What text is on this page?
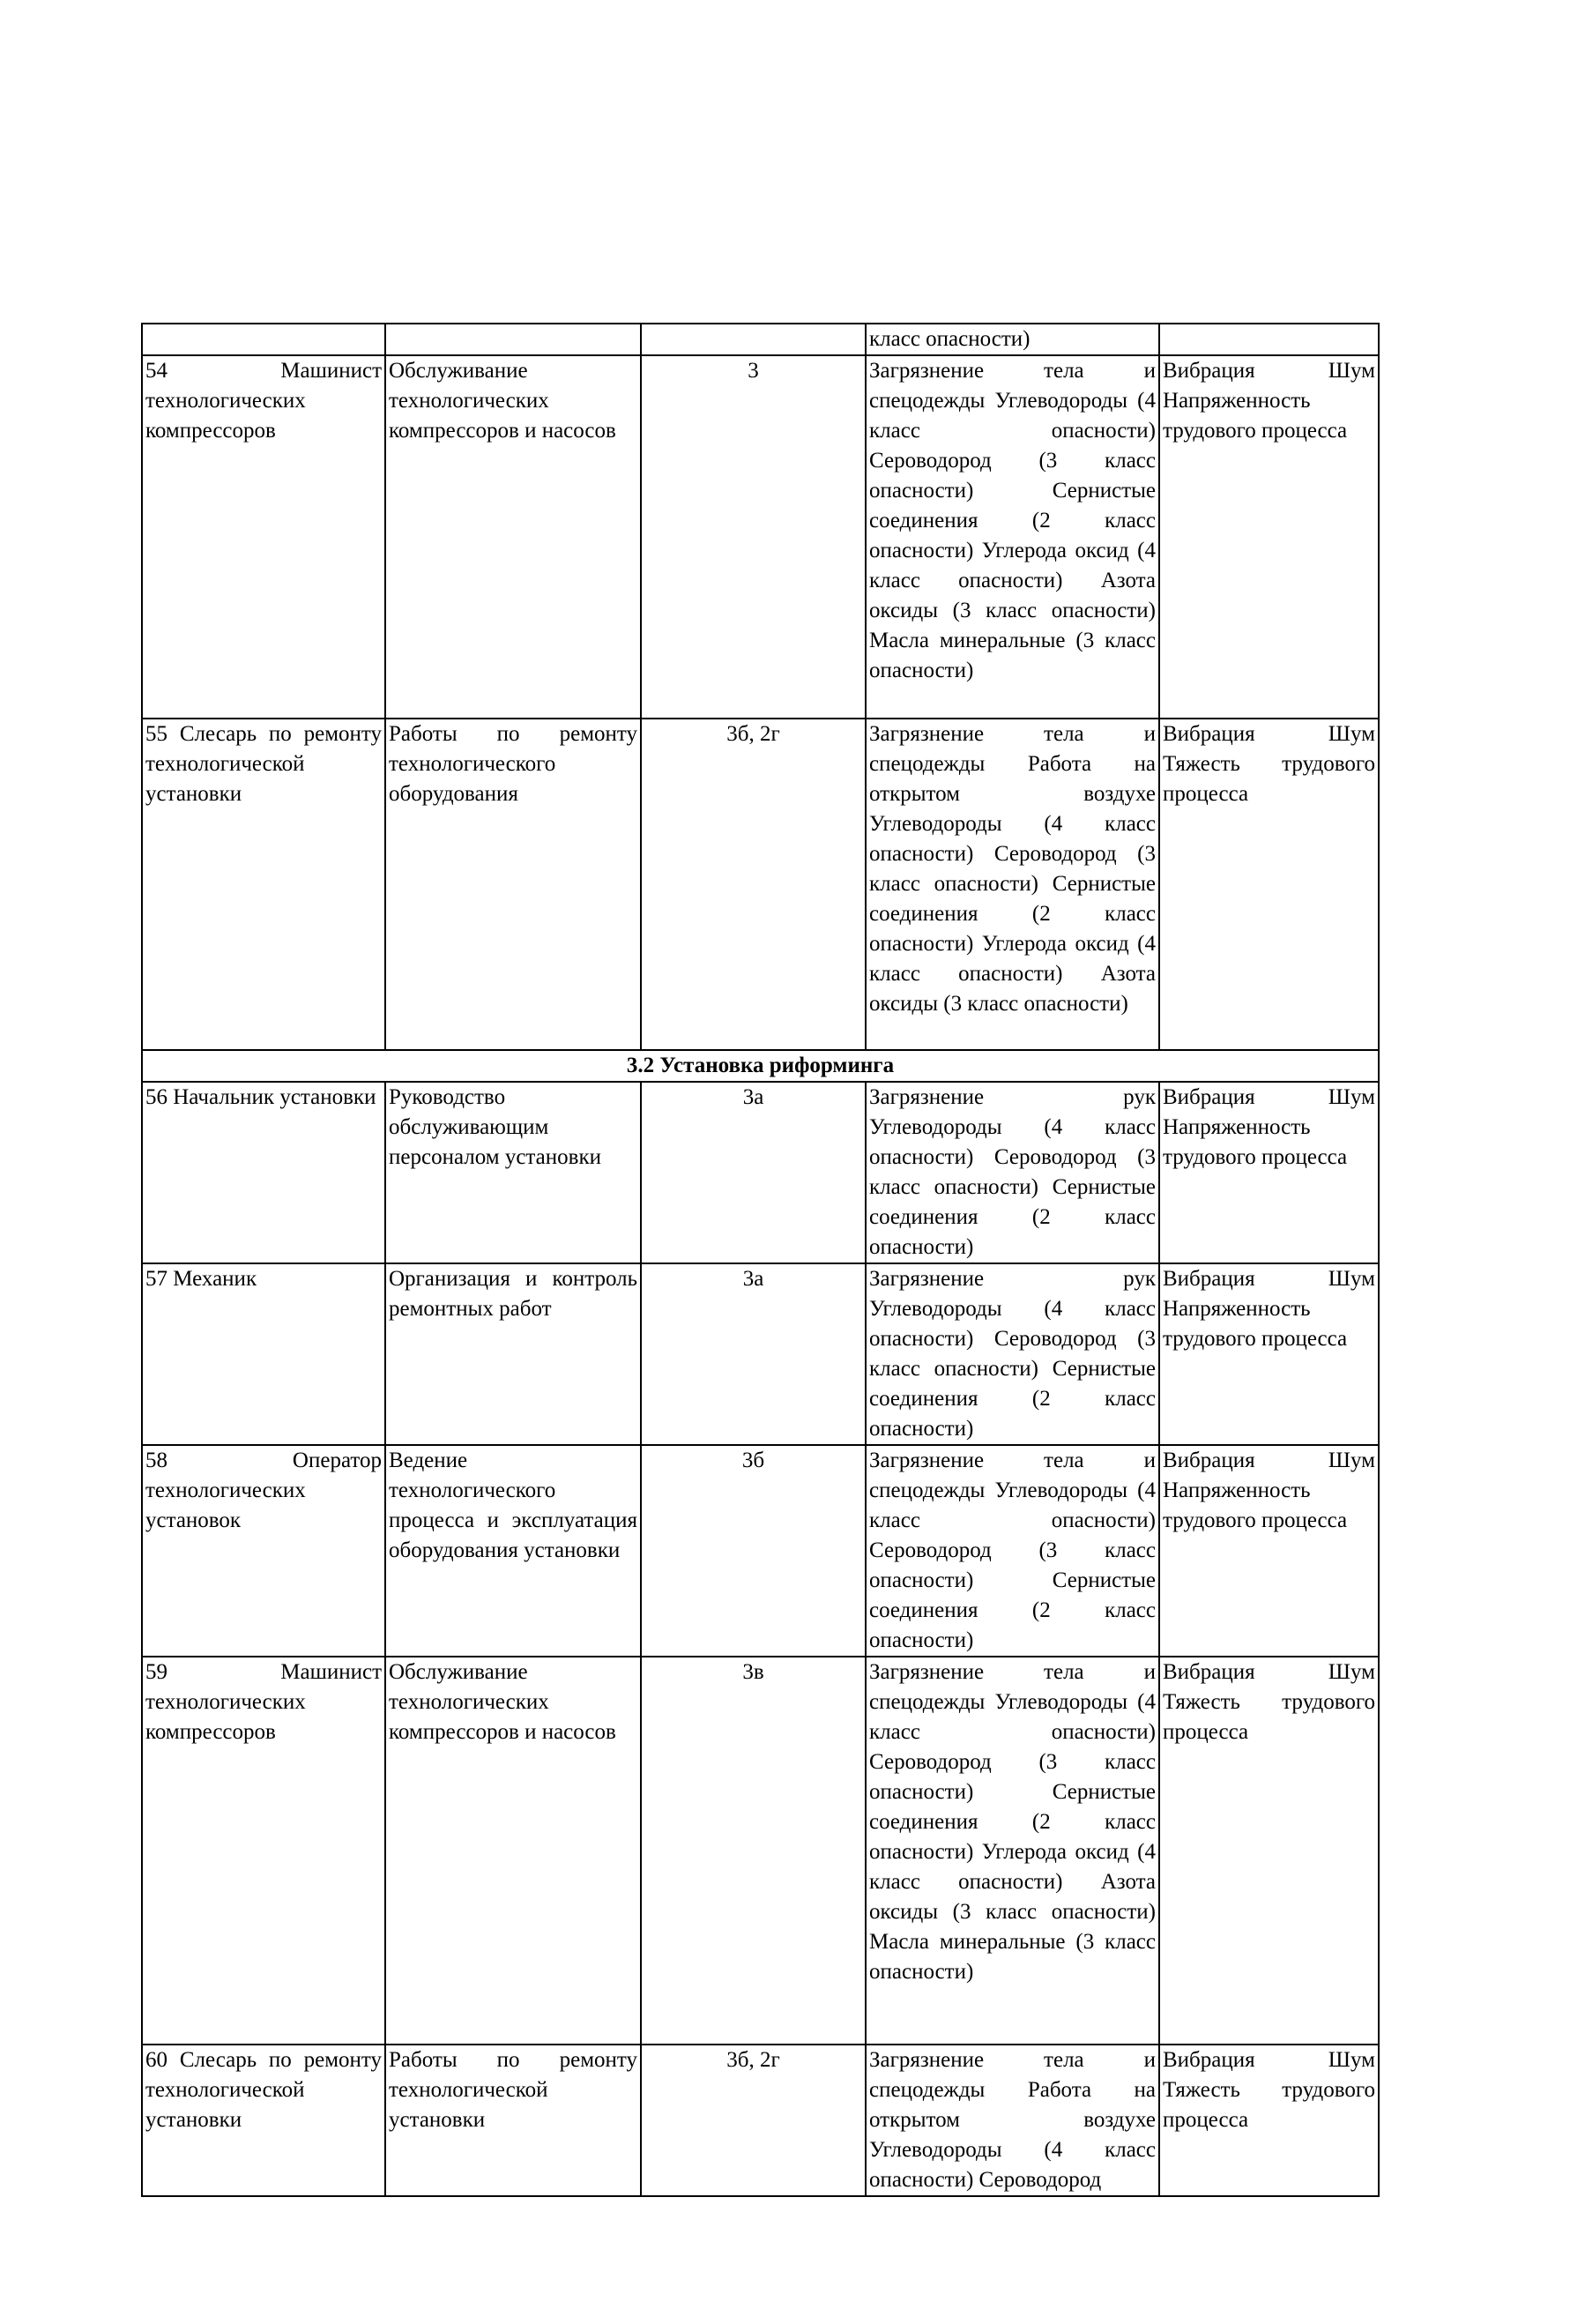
			класс опасности)	
54 Машинист технологических компрессоров	Обслуживание технологических компрессоров и насосов	3	Загрязнение тела и спецодежды Углеводороды (4 класс опасности) Сероводород (3 класс опасности) Сернистые соединения (2 класс опасности) Углерода оксид (4 класс опасности) Азота оксиды (3 класс опасности) Масла минеральные (3 класс опасности)	Вибрация Шум Напряженность трудового процесса
55 Слесарь по ремонту технологической установки	Работы по ремонту технологического оборудования	3б, 2г	Загрязнение тела и спецодежды Работа на открытом воздухе Углеводороды (4 класс опасности) Сероводород (3 класс опасности) Сернистые соединения (2 класс опасности) Углерода оксид (4 класс опасности) Азота оксиды (3 класс опасности)	Вибрация Шум Тяжесть трудового процесса
3.2 Установка риформинга				
56 Начальник установки	Руководство обслуживающим персоналом установки	3а	Загрязнение рук Углеводороды (4 класс опасности) Сероводород (3 класс опасности) Сернистые соединения (2 класс опасности)	Вибрация Шум Напряженность трудового процесса
57 Механик	Организация и контроль ремонтных работ	3а	Загрязнение рук Углеводороды (4 класс опасности) Сероводород (3 класс опасности) Сернистые соединения (2 класс опасности)	Вибрация Шум Напряженность трудового процесса
58 Оператор технологических установок	Ведение технологического процесса и эксплуатация оборудования установки	3б	Загрязнение тела и спецодежды Углеводороды (4 класс опасности) Сероводород (3 класс опасности) Сернистые соединения (2 класс опасности)	Вибрация Шум Напряженность трудового процесса
59 Машинист технологических компрессоров	Обслуживание технологических компрессоров и насосов	3в	Загрязнение тела и спецодежды Углеводороды (4 класс опасности) Сероводород (3 класс опасности) Сернистые соединения (2 класс опасности) Углерода оксид (4 класс опасности) Азота оксиды (3 класс опасности) Масла минеральные (3 класс опасности)	Вибрация Шум Тяжесть трудового процесса
60 Слесарь по ремонту технологической установки	Работы по ремонту технологической установки	3б, 2г	Загрязнение тела и спецодежды Работа на открытом воздухе Углеводороды (4 класс опасности) Сероводород	Вибрация Шум Тяжесть трудового процесса
